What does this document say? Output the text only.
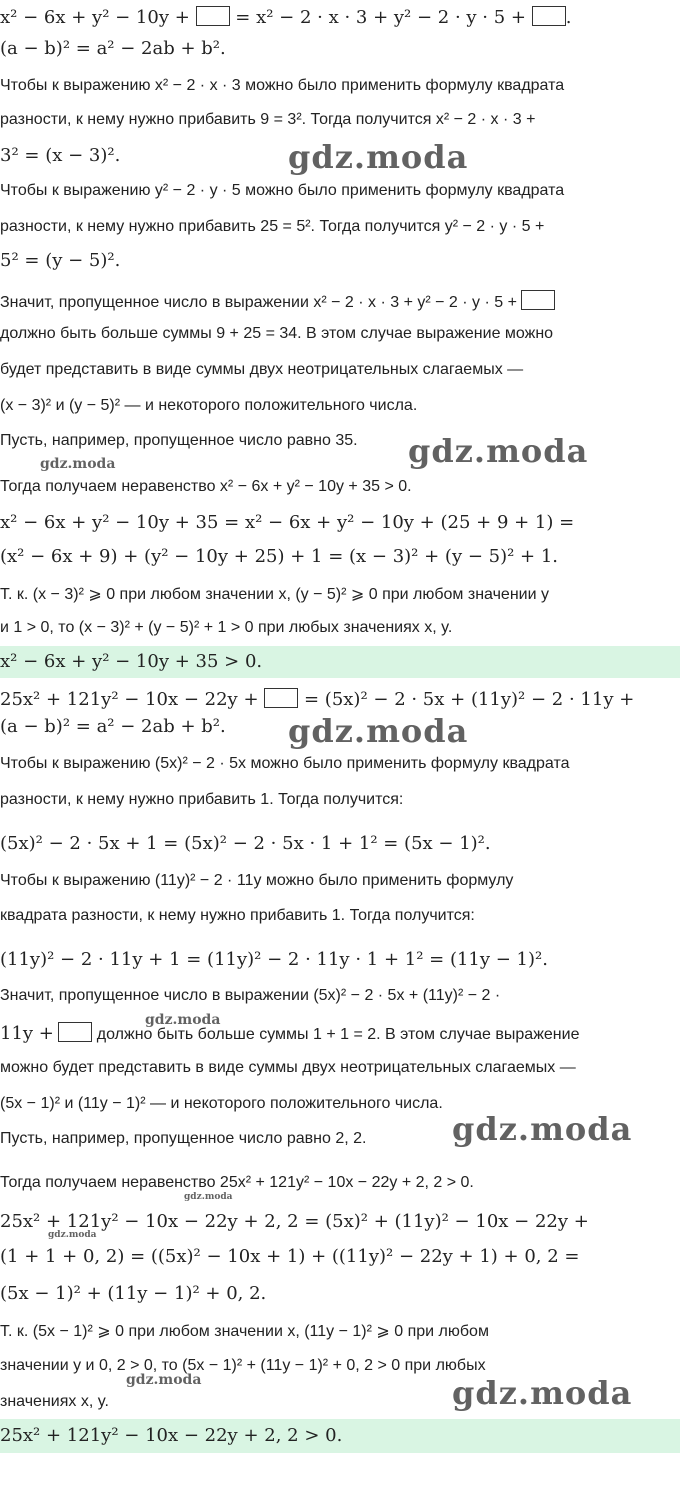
x² − 6x + y² − 10y +	= x² − 2 · x · 3 + y² − 2 · y · 5 + .
(a − b)² = a² − 2ab + b².
Чтобы к выражению x² − 2 · x · 3 можно было применить формулу квадрата
разности, к нему нужно прибавить 9 = 3². Тогда получится x² − 2 · x · 3 +
3² = (x − 3)².
Чтобы к выражению y² − 2 · y · 5 можно было применить формулу квадрата
разности, к нему нужно прибавить 25 = 5². Тогда получится y² − 2 · y · 5 +
5² = (y − 5)².
Значит, пропущенное число в выражении x² − 2 · x · 3 + y² − 2 · y · 5 +
должно быть больше суммы 9 + 25 = 34. В этом случае выражение можно
будет представить в виде суммы двух неотрицательных слагаемых —
(x − 3)² и (y − 5)² — и некоторого положительного числа.
Пусть, например, пропущенное число равно 35.
Тогда получаем неравенство x² − 6x + y² − 10y + 35 > 0.
x² − 6x + y² − 10y + 35 = x² − 6x + y² − 10y + (25 + 9 + 1) =
(x² − 6x + 9) + (y² − 10y + 25) + 1 = (x − 3)² + (y − 5)² + 1.
Т. к. (x − 3)² ⩾ 0 при любом значении x, (y − 5)² ⩾ 0 при любом значении y
и 1 > 0, то (x − 3)² + (y − 5)² + 1 > 0 при любых значениях x, y.
x² − 6x + y² − 10y + 35 > 0.
25x² + 121y² − 10x − 22y +	= (5x)² − 2 · 5x + (11y)² − 2 · 11y +
(a − b)² = a² − 2ab + b².
Чтобы к выражению (5x)² − 2 · 5x можно было применить формулу квадрата
разности, к нему нужно прибавить 1. Тогда получится:
(5x)² − 2 · 5x + 1 = (5x)² − 2 · 5x · 1 + 1² = (5x − 1)².
Чтобы к выражению (11y)² − 2 · 11y можно было применить формулу
квадрата разности, к нему нужно прибавить 1. Тогда получится:
(11y)² − 2 · 11y + 1 = (11y)² − 2 · 11y · 1 + 1² = (11y − 1)².
Значит, пропущенное число в выражении (5x)² − 2 · 5x + (11y)² − 2 ·
11y +	должно быть больше суммы 1 + 1 = 2. В этом случае выражение
можно будет представить в виде суммы двух неотрицательных слагаемых —
(5x − 1)² и (11y − 1)² — и некоторого положительного числа.
Пусть, например, пропущенное число равно 2, 2.
Тогда получаем неравенство 25x² + 121y² − 10x − 22y + 2, 2 > 0.
25x² + 121y² − 10x − 22y + 2, 2 = (5x)² + (11y)² − 10x − 22y +
(1 + 1 + 0, 2) = ((5x)² − 10x + 1) + ((11y)² − 22y + 1) + 0, 2 =
(5x − 1)² + (11y − 1)² + 0, 2.
Т. к. (5x − 1)² ⩾ 0 при любом значении x, (11y − 1)² ⩾ 0 при любом
значении y и 0, 2 > 0, то (5x − 1)² + (11y − 1)² + 0, 2 > 0 при любых
значениях x, y.
25x² + 121y² − 10x − 22y + 2, 2 > 0.
gdz.moda
gdz.moda
gdz.moda
gdz.moda
gdz.moda
gdz.moda
gdz.moda
gdz.moda
gdz.moda	gdz.moda
